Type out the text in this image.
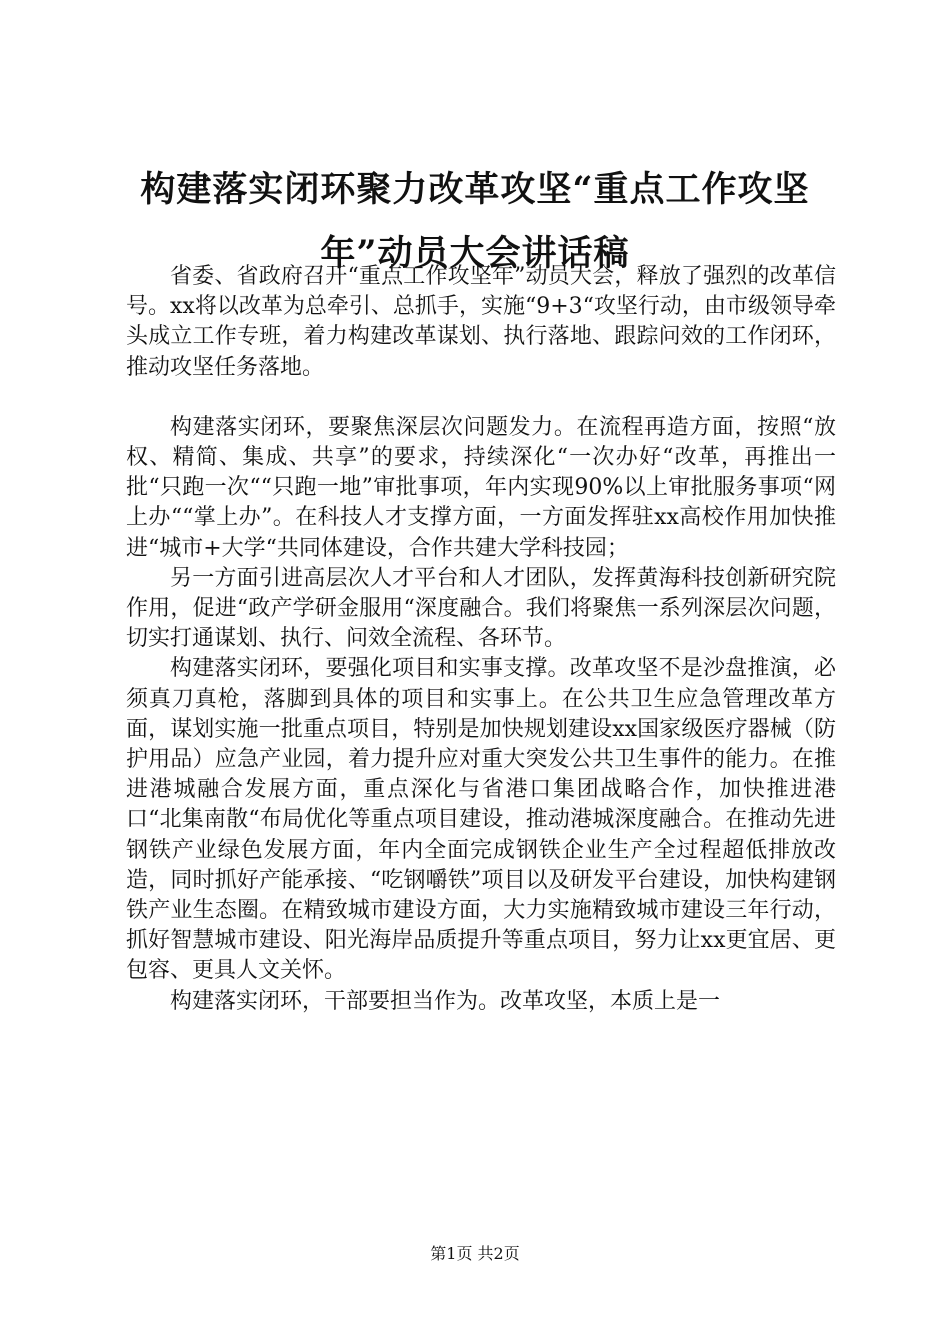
构建落实闭环聚力改革攻坚“重点工作攻坚年”动员大会讲话稿

省委、省政府召开“重点工作攻坚年”动员大会，释放了强烈的改革信号。xx将以改革为总牵引、总抓手，实施“9+3“攻坚行动，由市级领导牵头成立工作专班，着力构建改革谋划、执行落地、跟踪问效的工作闭环，推动攻坚任务落地。

构建落实闭环，要聚焦深层次问题发力。在流程再造方面，按照“放权、精简、集成、共享”的要求，持续深化“一次办好“改革，再推出一批“只跑一次““只跑一地”审批事项，年内实现90%以上审批服务事项“网上办““掌上办”。在科技人才支撑方面，一方面发挥驻xx高校作用加快推进“城市+大学“共同体建设，合作共建大学科技园；

另一方面引进高层次人才平台和人才团队，发挥黄海科技创新研究院作用，促进“政产学研金服用“深度融合。我们将聚焦一系列深层次问题，切实打通谋划、执行、问效全流程、各环节。

构建落实闭环，要强化项目和实事支撑。改革攻坚不是沙盘推演，必须真刀真枪，落脚到具体的项目和实事上。在公共卫生应急管理改革方面，谋划实施一批重点项目，特别是加快规划建设xx国家级医疗器械（防护用品）应急产业园，着力提升应对重大突发公共卫生事件的能力。在推进港城融合发展方面，重点深化与省港口集团战略合作，加快推进港口“北集南散“布局优化等重点项目建设，推动港城深度融合。在推动先进钢铁产业绿色发展方面，年内全面完成钢铁企业生产全过程超低排放改造，同时抓好产能承接、“吃钢嚼铁”项目以及研发平台建设，加快构建钢铁产业生态圈。在精致城市建设方面，大力实施精致城市建设三年行动，抓好智慧城市建设、阳光海岸品质提升等重点项目，努力让xx更宜居、更包容、更具人文关怀。

构建落实闭环，干部要担当作为。改革攻坚，本质上是一

第1页 共2页
